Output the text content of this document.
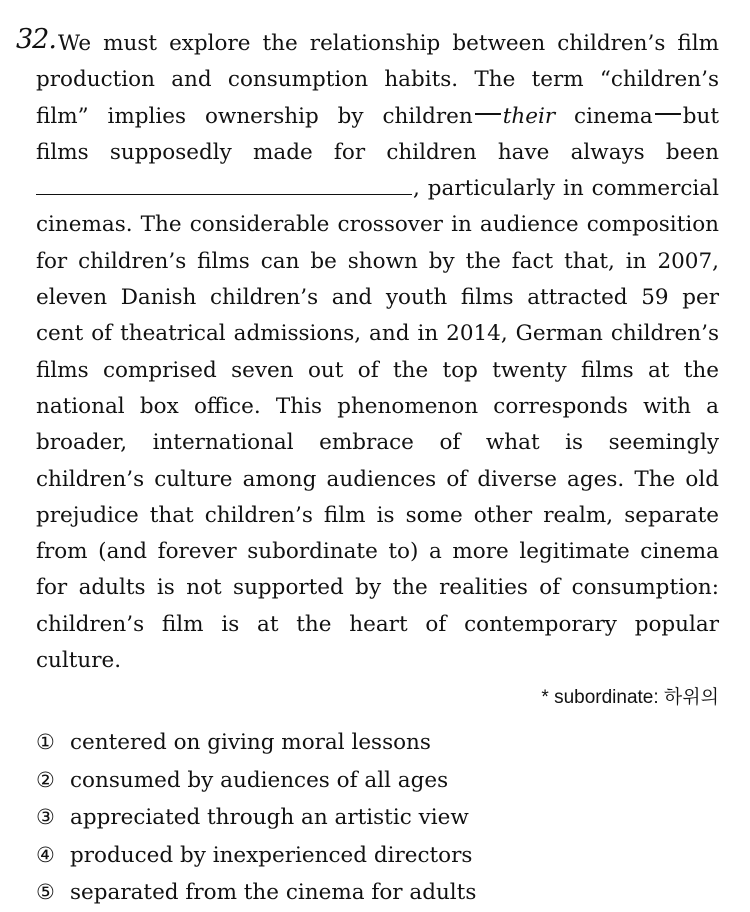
32. We must explore the relationship between children’s film production and consumption habits. The term “children’s film” implies ownership by children their cinema but films supposedly made for children have always been , particularly in commercial cinemas. The considerable crossover in audience composition for children’s films can be shown by the fact that, in 2007, eleven Danish children’s and youth films attracted 59 per cent of theatrical admissions, and in 2014, German children’s films comprised seven out of the top twenty films at the national box office. This phenomenon corresponds with a broader, international embrace of what is seemingly children’s culture among audiences of diverse ages. The old prejudice that children’s film is some other realm, separate from (and forever subordinate to) a more legitimate cinema for adults is not supported by the realities of consumption: children’s film is at the heart of contemporary popular culture.
* subordinate: 하위의
① centered on giving moral lessons
② consumed by audiences of all ages
③ appreciated through an artistic view
④ produced by inexperienced directors
⑤ separated from the cinema for adults
